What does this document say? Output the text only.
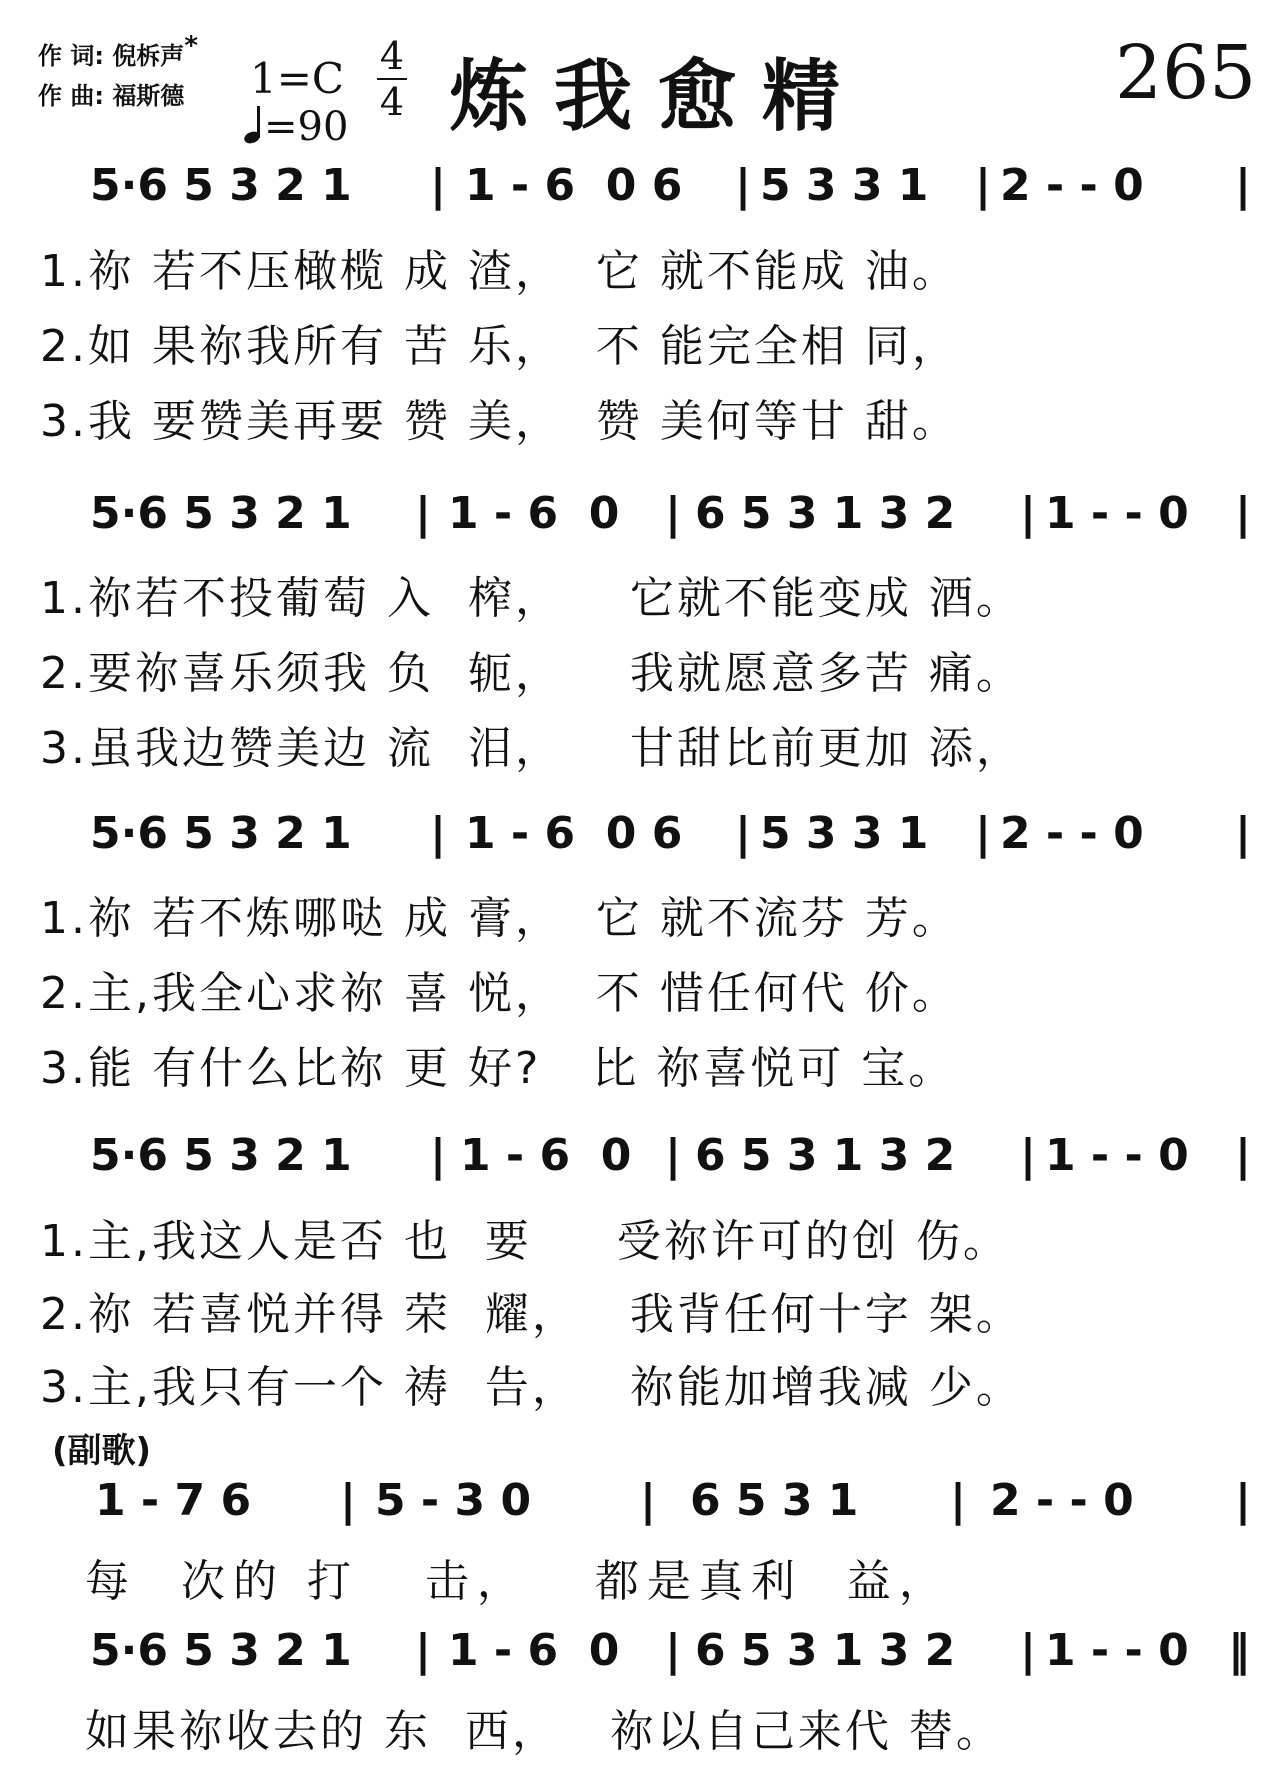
作 词: 倪柝声*
作 曲: 福斯德	1=C 4
4
=90 炼我愈精	265
5·6 5 3 2 1 | 1 - 6  0 6 | 5 3 3 1 | 2 - - 0 |
1.祢 若不压橄榄 成 渣，  它 就不能成 油。
2.如 果祢我所有 苦 乐，  不 能完全相 同，
3.我 要赞美再要 赞 美，  赞 美何等甘 甜。
5·6 5 3 2 1 | 1 - 6  0 | 6 5 3 1 3 2 | 1 - - 0 |
1.祢若不投葡萄 入  榨，    它就不能变成 酒。
2.要祢喜乐须我 负  轭，    我就愿意多苦 痛。
3.虽我边赞美边 流  泪，    甘甜比前更加 添，
5·6 5 3 2 1 | 1 - 6  0 6 | 5 3 3 1 | 2 - - 0 |
1.祢 若不炼哪哒 成 膏，  它 就不流芬 芳。
2.主,我全心求祢 喜 悦，  不 惜任何代 价。
3.能 有什么比祢 更 好?   比 祢喜悦可 宝。
5·6 5 3 2 1 | 1 - 6  0 | 6 5 3 1 3 2 | 1 - - 0 |
1.主,我这人是否 也  要     受祢许可的创 伤。
2.祢 若喜悦并得 荣  耀，   我背任何十字 架。
3.主,我只有一个 祷  告，   祢能加增我减 少。
(副歌)
1 - 7 6 | 5 - 3 0 | 6 5 3 1 | 2 - - 0 |
每  次的 打   击，   都是真利  益，
5·6 5 3 2 1 | 1 - 6  0 | 6 5 3 1 3 2 | 1 - - 0 ‖
如果祢收去的 东  西，   祢以自己来代 替。
